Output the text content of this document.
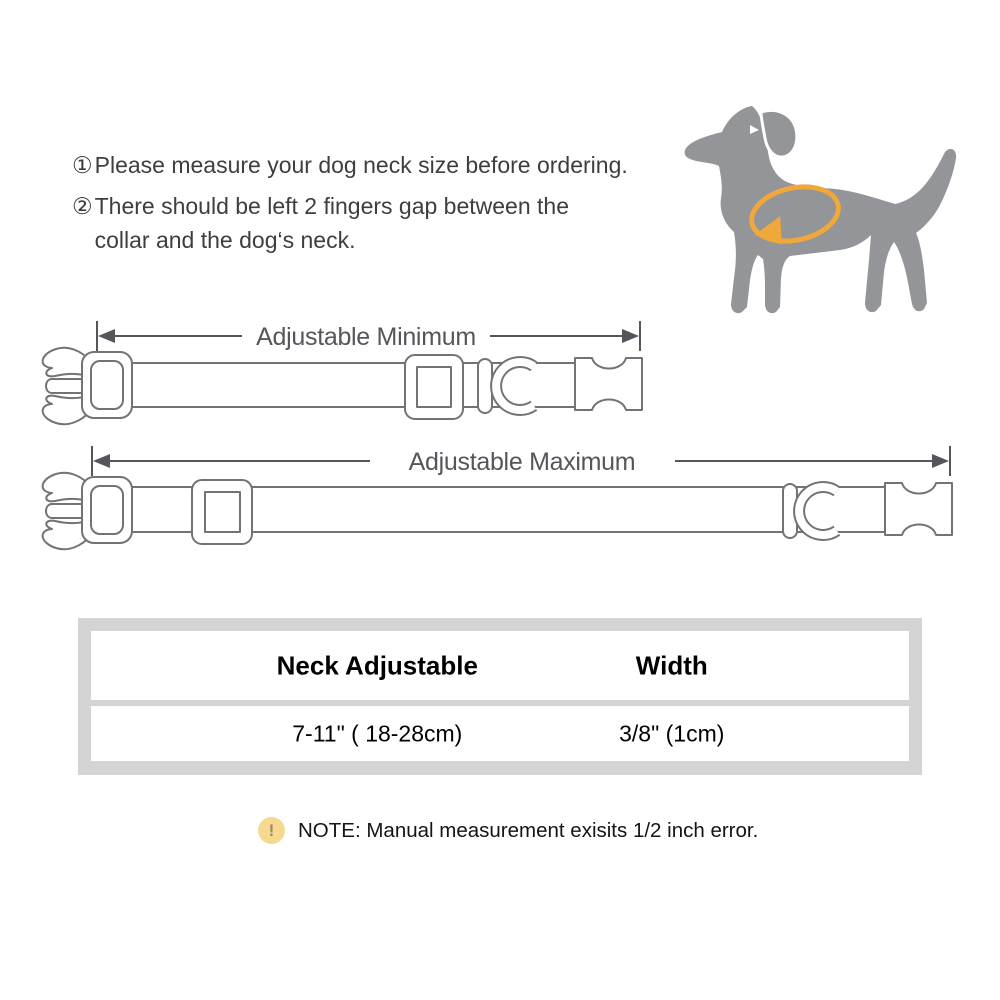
① Please measure your dog neck size before ordering.
② There should be left 2 fingers gap between the
collar and the dog‘s neck.
Adjustable Minimum
Adjustable Maximum
Neck Adjustable	Width
7-11" ( 18-28cm)	3/8" (1cm)
!	NOTE: Manual measurement exisits 1/2 inch error.
